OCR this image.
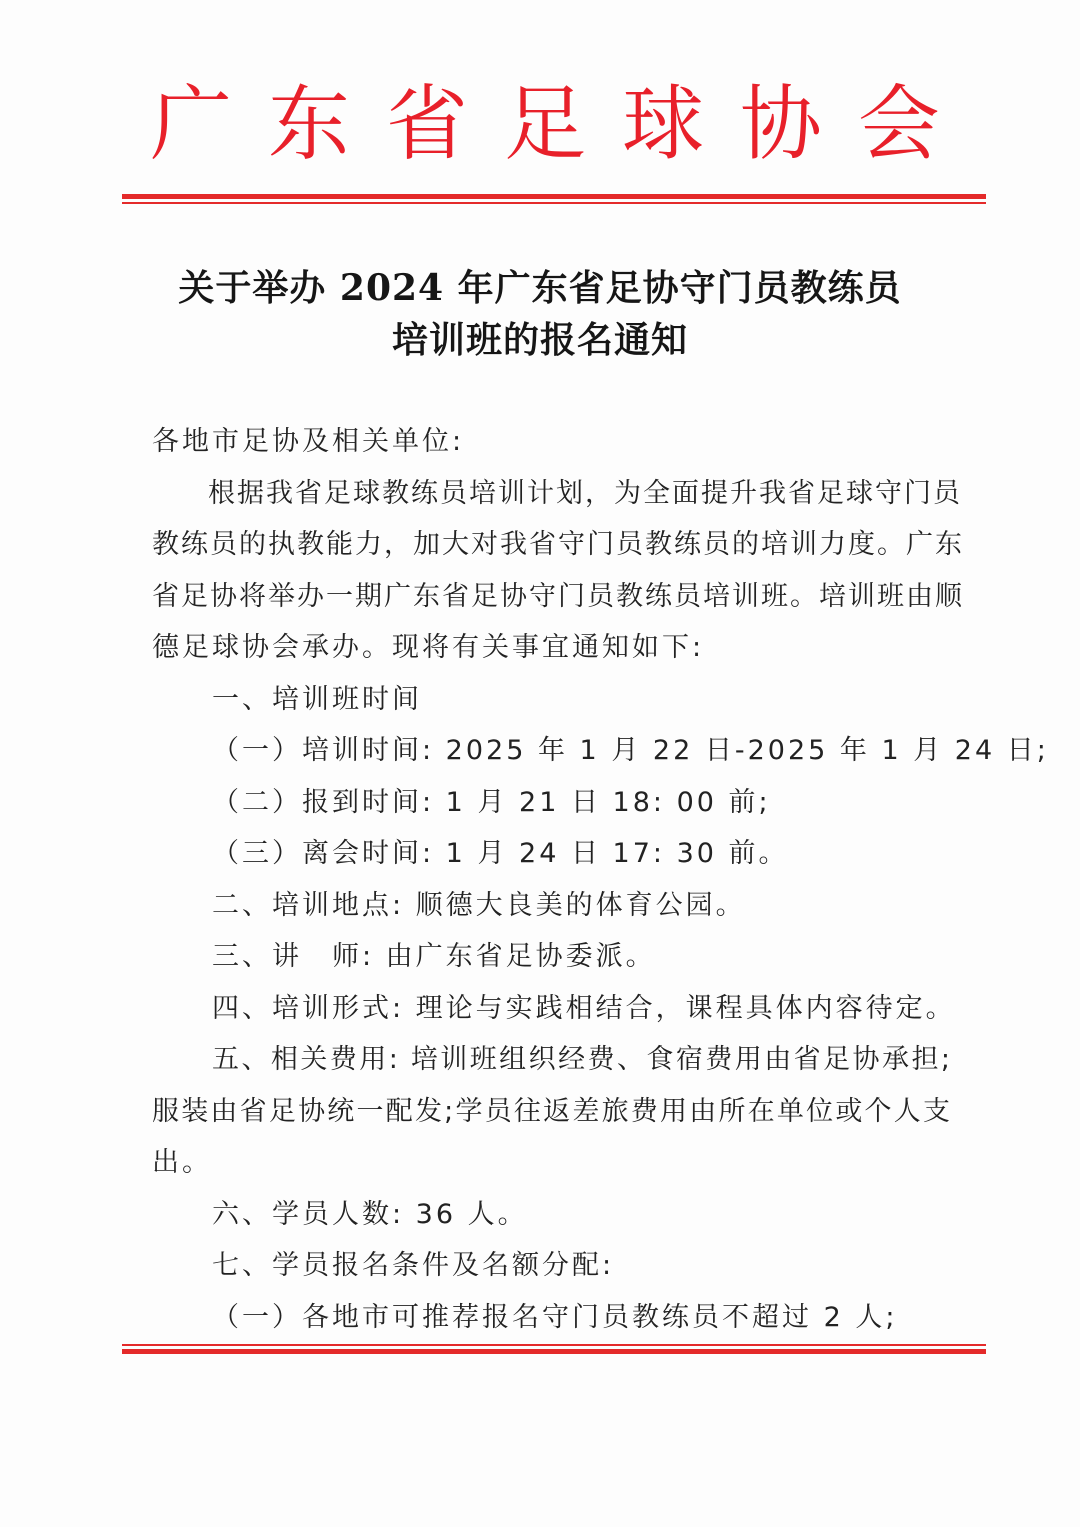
广 东 省 足 球 协 会
关于举办 2024 年广东省足协守门员教练员
培训班的报名通知
各地市足协及相关单位:
根据我省足球教练员培训计划，为全面提升我省足球守门员
教练员的执教能力，加大对我省守门员教练员的培训力度。广东
省足协将举办一期广东省足协守门员教练员培训班。培训班由顺
德足球协会承办。现将有关事宜通知如下:
一、培训班时间
（一）培训时间: 2025 年 1 月 22 日-2025 年 1 月 24 日;
（二）报到时间: 1 月 21 日 18: 00 前;
（三）离会时间: 1 月 24 日 17: 30 前。
二、培训地点: 顺德大良美的体育公园。
三、讲　师: 由广东省足协委派。
四、培训形式: 理论与实践相结合，课程具体内容待定。
五、相关费用: 培训班组织经费、食宿费用由省足协承担;
服装由省足协统一配发;学员往返差旅费用由所在单位或个人支
出。
六、学员人数: 36 人。
七、学员报名条件及名额分配:
（一）各地市可推荐报名守门员教练员不超过 2 人;
